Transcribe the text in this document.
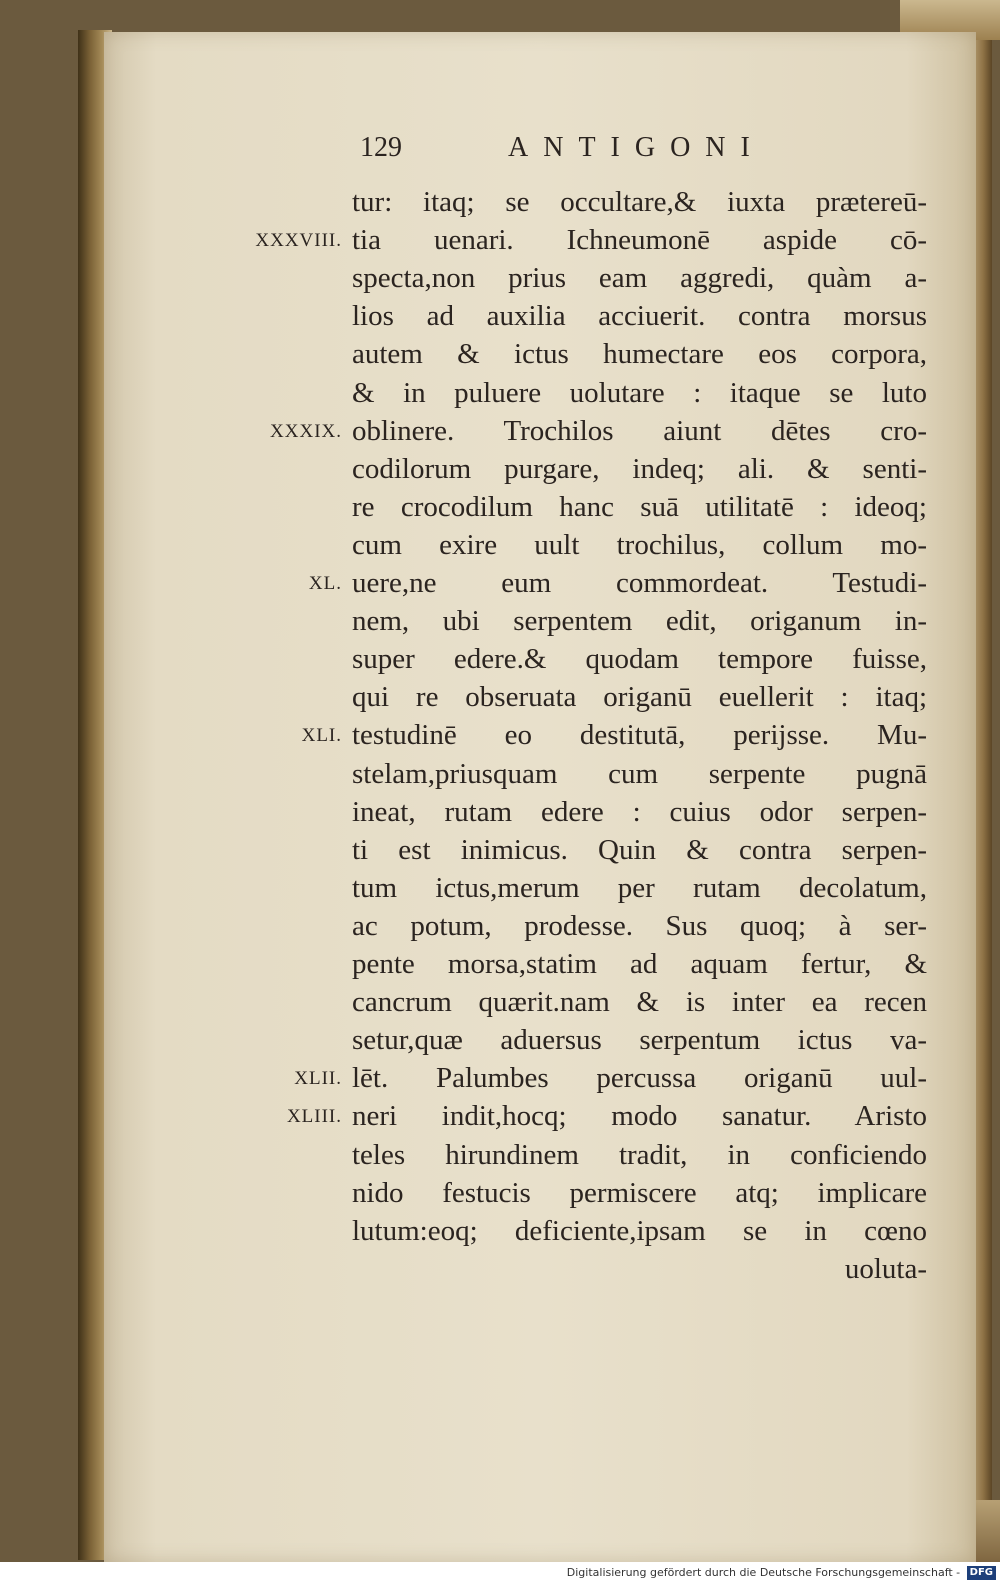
129	ANTIGONI
tur: itaq; se occultare,& iuxta prætereū-
tia uenari. Ichneumonē aspide cō-
specta,non prius eam aggredi, quàm a-
lios ad auxilia acciuerit. contra morsus
autem & ictus humectare eos corpora,
& in puluere uolutare : itaque se luto
oblinere. Trochilos aiunt dētes cro-
codilorum purgare, indeq; ali. & senti-
re crocodilum hanc suā utilitatē : ideoq;
cum exire uult trochilus, collum mo-
uere,ne eum commordeat. Testudi-
nem, ubi serpentem edit, origanum in-
super edere.& quodam tempore fuisse,
qui re obseruata origanū euellerit : itaq;
testudinē eo destitutā, perijsse. Mu-
stelam,priusquam cum serpente pugnā
ineat, rutam edere : cuius odor serpen-
ti est inimicus. Quin & contra serpen-
tum ictus,merum per rutam decolatum,
ac potum, prodesse. Sus quoq; à ser-
pente morsa,statim ad aquam fertur, &
cancrum quærit.nam & is inter ea recen
setur,quæ aduersus serpentum ictus va-
lēt. Palumbes percussa origanū uul-
neri indit,hocq; modo sanatur. Aristo
teles hirundinem tradit, in conficiendo
nido festucis permiscere atq; implicare
lutum:eoq; deficiente,ipsam se in cœno
uoluta-
XXXVIII.
XXXIX.
XL.
XLI.
XLII.
XLIII.
Digitalisierung gefördert durch die Deutsche Forschungsgemeinschaft - DFG
